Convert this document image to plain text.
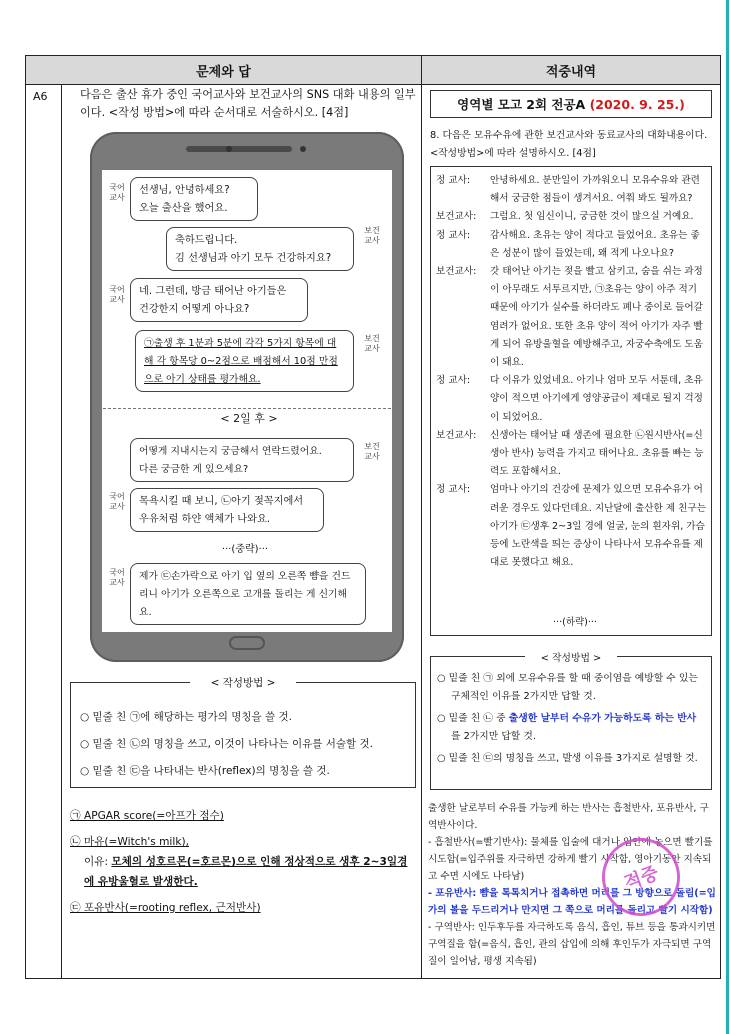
문제와 답	적중내역
A6	다음은 출산 휴가 중인 국어교사와 보건교사의 SNS 대화 내용의 일부이다. <작성 방법>에 따라 순서대로 서술하시오. [4점]
국어
교사
선생님, 안녕하세요?
오늘 출산을 했어요.
보건
교사
축하드립니다.
김 선생님과 아기 모두 건강하지요?
국어
교사
네. 그런데, 방금 태어난 아기들은
건강한지 어떻게 아나요?
보건
교사
㉠출생 후 1분과 5분에 각각 5가지 항목에 대해 각 항목당 0~2점으로 배점해서 10점 만점으로 아기 상태를 평가해요.
< 2일 후 >
보건
교사
어떻게 지내시는지 궁금해서 연락드렸어요.
다른 궁금한 게 있으세요?
국어
교사	목욕시킬 때 보니, ㉡아기 젖꼭지에서
우유처럼 하얀 액체가 나와요.
···(중략)···
국어
교사
제가 ㉢손가락으로 아기 입 옆의 오른쪽 뺨을 건드리니 아기가 오른쪽으로 고개를 돌리는 게 신기해요.
< 작성방법 >
○ 밑줄 친 ㉠에 해당하는 평가의 명칭을 쓸 것.
○ 밑줄 친 ㉡의 명칭을 쓰고, 이것이 나타나는 이유를 서술할 것.
○ 밑줄 친 ㉢을 나타내는 반사(reflex)의 명칭을 쓸 것.
㉠ APGAR score(=아프가 점수)
㉡ 마유(=Witch's milk),
이유: 모체의 성호르몬(=호르몬)으로 인해 정상적으로 생후 2~3일경에 유방울혈로 발생한다.
㉢ 포유반사(=rooting reflex, 근저반사)
영역별 모고 2회 전공A
(2020. 9. 25.)
8. 다음은 모유수유에 관한 보건교사와 동료교사의 대화내용이다. <작성방법>에 따라 설명하시오. [4점]
정 교사:	안녕하세요. 분만일이 가까워오니 모유수유와 관련해서 궁금한 점들이 생겨서요. 여쭤 봐도 될까요?
보건교사:	그럼요. 첫 임신이니, 궁금한 것이 많으실 거예요.
정 교사:	감사해요. 초유는 양이 적다고 들었어요. 초유는 좋은 성분이 많이 들었는데, 왜 적게 나오나요?
보건교사:	갓 태어난 아기는 젖을 빨고 삼키고, 숨을 쉬는 과정이 아무래도 서투르지만, ㉠초유는 양이 아주 적기 때문에 아기가 실수를 하더라도 폐나 중이로 들어갈 염려가 없어요. 또한 초유 양이 적어 아기가 자주 빨게 되어 유방울혈을 예방해주고, 자궁수축에도 도움이 돼요.
정 교사:	다 이유가 있었네요. 아기나 엄마 모두 서툰데, 초유 양이 적으면 아기에게 영양공급이 제대로 될지 걱정이 되었어요.
보건교사:	신생아는 태어날 때 생존에 필요한 ㉡원시반사(=신생아 반사) 능력을 가지고 태어나요. 초유를 빠는 능력도 포함해서요.
정 교사:	엄마나 아기의 건강에 문제가 있으면 모유수유가 어려운 경우도 있다던데요. 지난달에 출산한 제 친구는 아기가 ㉢생후 2~3일 경에 얼굴, 눈의 흰자위, 가슴 등에 노란색을 띄는 증상이 나타나서 모유수유를 제대로 못했다고 해요.
···(하략)···
< 작성방법 >
○ 밑줄 친 ㉠ 외에 모유수유를 할 때 중이염을 예방할 수 있는 구체적인 이유를 2가지만 답할 것.
○ 밑줄 친 ㉡ 중 출생한 날부터 수유가 가능하도록 하는 반사를 2가지만 답할 것.
○ 밑줄 친 ㉢의 명칭을 쓰고, 발생 이유를 3가지로 설명할 것.
출생한 날로부터 수유를 가능케 하는 반사는 흡철반사, 포유반사, 구역반사이다.
- 흡철반사(=빨기반사): 물체를 입술에 대거나 입안에 놓으면 빨기를 시도함(=입주위를 자극하면 강하게 빨기 시작함, 영아기동안 지속되고 수면 시에도 나타남)
- 포유반사: 뺨을 톡톡치거나 접촉하면 머리를 그 방향으로 돌림(=입가의 볼을 두드리거나 만지면 그 쪽으로 머리를 돌리고 빨기 시작함)
- 구역반사: 인두후두를 자극하도록 음식, 흡인, 튜브 등을 통과시키면 구역질을 함(=음식, 흡인, 관의 삽입에 의해 후인두가 자극되면 구역질이 일어남, 평생 지속됨)
적중
